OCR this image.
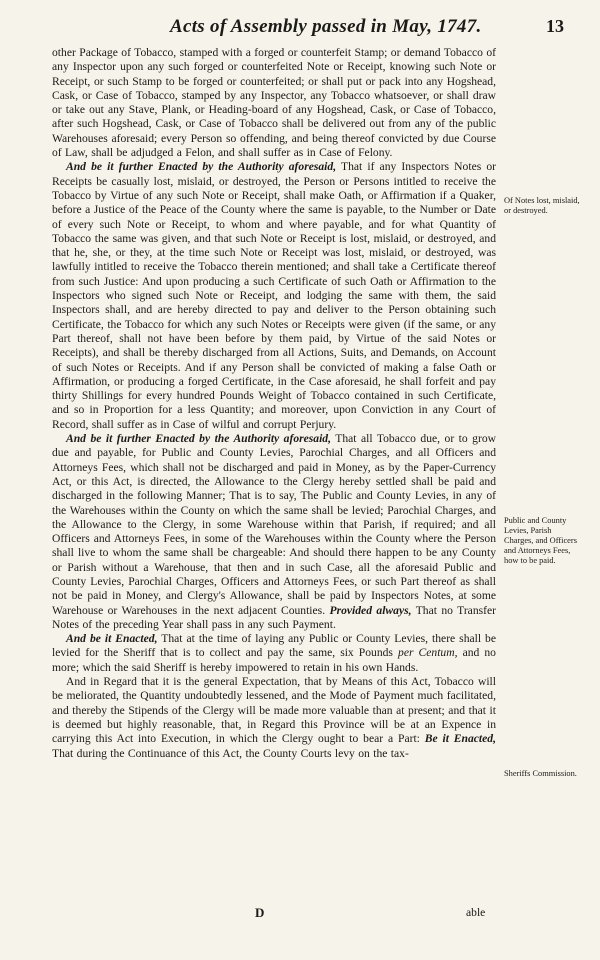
Acts of Assembly passed in May, 1747.	13

other Package of Tobacco, stamped with a forged or counterfeit Stamp; or demand Tobacco of any Inspector upon any such forged or counterfeited Note or Receipt, knowing such Note or Receipt, or such Stamp to be forged or counterfeited; or shall put or pack into any Hogshead, Cask, or Case of Tobacco, stamped by any Inspector, any Tobacco whatsoever, or shall draw or take out any Stave, Plank, or Heading-board of any Hogshead, Cask, or Case of Tobacco, after such Hogshead, Cask, or Case of Tobacco shall be delivered out from any of the public Warehouses aforesaid; every Person so offending, and being thereof convicted by due Course of Law, shall be adjudged a Felon, and shall suffer as in Case of Felony.

And be it further Enacted by the Authority aforesaid, That if any Inspectors Notes or Receipts be casually lost, mislaid, or destroyed, the Person or Persons intitled to receive the Tobacco by Virtue of any such Note or Receipt, shall make Oath, or Affirmation if a Quaker, before a Justice of the Peace of the County where the same is payable, to the Number or Date of every such Note or Receipt, to whom and where payable, and for what Quantity of Tobacco the same was given, and that such Note or Receipt is lost, mislaid, or destroyed, and that he, she, or they, at the time such Note or Receipt was lost, mislaid, or destroyed, was lawfully intitled to receive the Tobacco therein mentioned; and shall take a Certificate thereof from such Justice: And upon producing a such Certificate of such Oath or Affirmation to the Inspectors who signed such Note or Receipt, and lodging the same with them, the said Inspectors shall, and are hereby directed to pay and deliver to the Person obtaining such Certificate, the Tobacco for which any such Notes or Receipts were given (if the same, or any Part thereof, shall not have been before by them paid, by Virtue of the said Notes or Receipts), and shall be thereby discharged from all Actions, Suits, and Demands, on Account of such Notes or Receipts. And if any Person shall be convicted of making a false Oath or Affirmation, or producing a forged Certificate, in the Case aforesaid, he shall forfeit and pay thirty Shillings for every hundred Pounds Weight of Tobacco contained in such Certificate, and so in Proportion for a less Quantity; and moreover, upon Conviction in any Court of Record, shall suffer as in Case of wilful and corrupt Perjury.

And be it further Enacted by the Authority aforesaid, That all Tobacco due, or to grow due and payable, for Public and County Levies, Parochial Charges, and all Officers and Attorneys Fees, which shall not be discharged and paid in Money, as by the Paper-Currency Act, or this Act, is directed, the Allowance to the Clergy hereby settled shall be paid and discharged in the following Manner; That is to say, The Public and County Levies, in any of the Warehouses within the County on which the same shall be levied; Parochial Charges, and the Allowance to the Clergy, in some Warehouse within that Parish, if required; and all Officers and Attorneys Fees, in some of the Warehouses within the County where the Person shall live to whom the same shall be chargeable: And should there happen to be any County or Parish without a Warehouse, that then and in such Case, all the aforesaid Public and County Levies, Parochial Charges, Officers and Attorneys Fees, or such Part thereof as shall not be paid in Money, and Clergy's Allowance, shall be paid by Inspectors Notes, at some Warehouse or Warehouses in the next adjacent Counties. Provided always, That no Transfer Notes of the preceding Year shall pass in any such Payment.

And be it Enacted, That at the time of laying any Public or County Levies, there shall be levied for the Sheriff that is to collect and pay the same, six Pounds per Centum, and no more; which the said Sheriff is hereby impowered to retain in his own Hands.

And in Regard that it is the general Expectation, that by Means of this Act, Tobacco will be meliorated, the Quantity undoubtedly lessened, and the Mode of Payment much facilitated, and thereby the Stipends of the Clergy will be made more valuable than at present; and that it is deemed but highly reasonable, that, in Regard this Province will be at an Expence in carrying this Act into Execution, in which the Clergy ought to bear a Part: Be it Enacted, That during the Continuance of this Act, the County Courts levy on the tax-

Of Notes lost, mislaid, or destroyed.
Public and County Levies, Parish Charges, and Officers and Attorneys Fees, how to be paid.
Sheriffs Commission.
D	able
